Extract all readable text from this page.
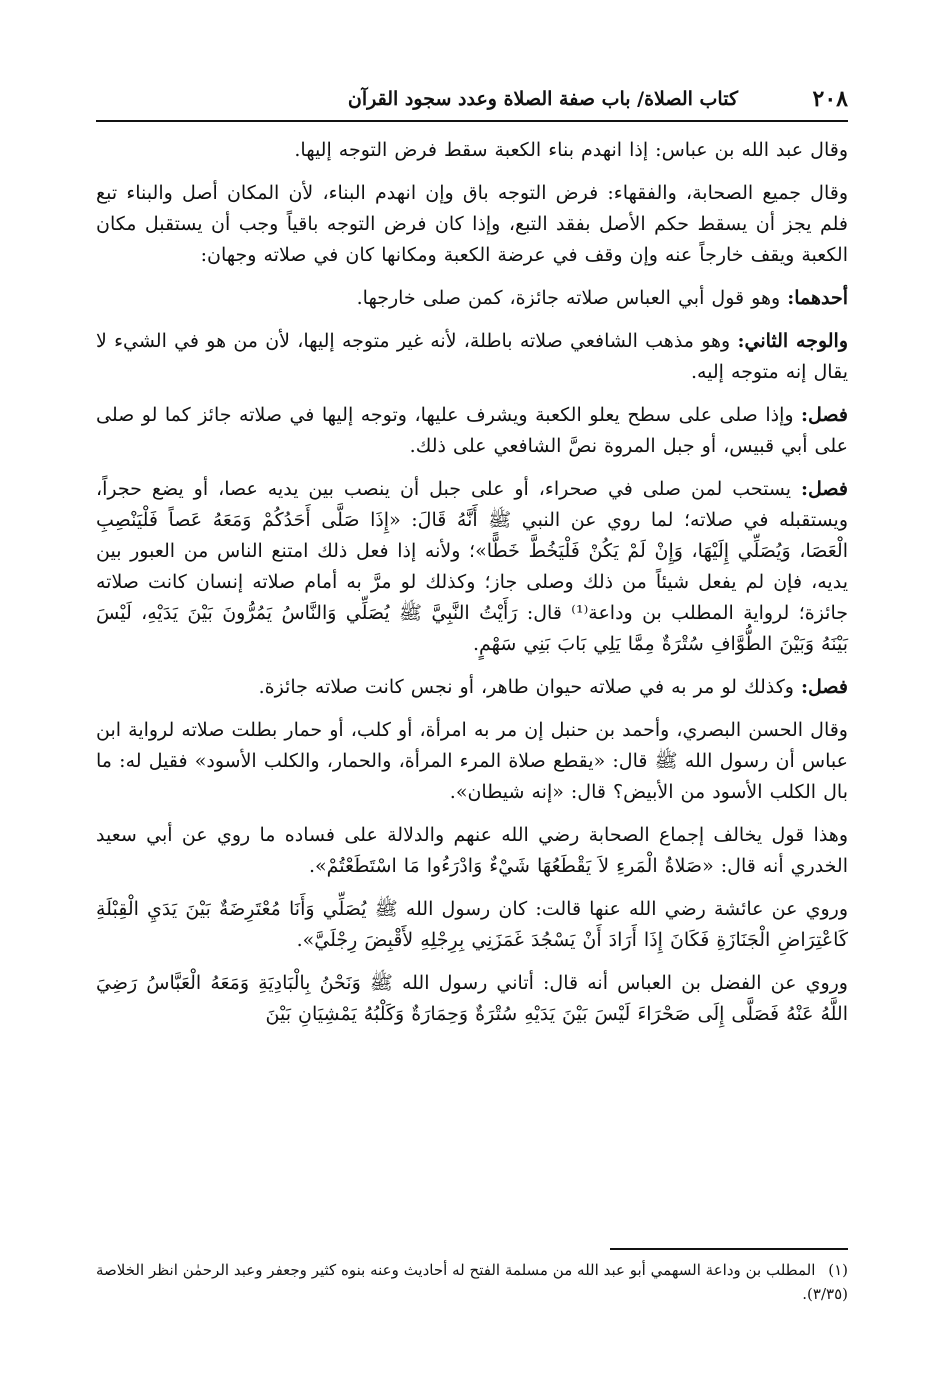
٢٠٨
كتاب الصلاة/ باب صفة الصلاة وعدد سجود القرآن

وقال عبد الله بن عباس: إذا انهدم بناء الكعبة سقط فرض التوجه إليها.

وقال جميع الصحابة، والفقهاء: فرض التوجه باق وإن انهدم البناء، لأن المكان أصل والبناء تبع فلم يجز أن يسقط حكم الأصل بفقد التبع، وإذا كان فرض التوجه باقياً وجب أن يستقبل مكان الكعبة ويقف خارجاً عنه وإن وقف في عرضة الكعبة ومكانها كان في صلاته وجهان:

أحدهما: وهو قول أبي العباس صلاته جائزة، كمن صلى خارجها.

والوجه الثاني: وهو مذهب الشافعي صلاته باطلة، لأنه غير متوجه إليها، لأن من هو في الشيء لا يقال إنه متوجه إليه.

فصل: وإذا صلى على سطح يعلو الكعبة ويشرف عليها، وتوجه إليها في صلاته جائز كما لو صلى على أبي قبيس، أو جبل المروة نصَّ الشافعي على ذلك.

فصل: يستحب لمن صلى في صحراء، أو على جبل أن ينصب بين يديه عصا، أو يضع حجراً، ويستقبله في صلاته؛ لما روي عن النبي ﷺ أَنَّهُ قَالَ: «إِذَا صَلَّى أَحَدُكُمْ وَمَعَهُ عَصاً فَلْيَنْصِبِ الْعَصَا، وَيُصَلِّي إِلَيْهَا، وَإِنْ لَمْ يَكُنْ فَلْيَخُطَّ خَطًّا»؛ ولأنه إذا فعل ذلك امتنع الناس من العبور بين يديه، فإن لم يفعل شيئاً من ذلك وصلى جاز؛ وكذلك لو مرَّ به أمام صلاته إنسان كانت صلاته جائزة؛ لرواية المطلب بن وداعة⁽¹⁾ قال: رَأَيْتُ النَّبِيَّ ﷺ يُصَلِّي وَالنَّاسُ يَمُرُّونَ بَيْنَ يَدَيْهِ، لَيْسَ بَيْنَهُ وَبَيْنَ الطُّوَّافِ سُتْرَةٌ مِمَّا يَلِي بَابَ بَنِي سَهْمٍ.

فصل: وكذلك لو مر به في صلاته حيوان طاهر، أو نجس كانت صلاته جائزة.

وقال الحسن البصري، وأحمد بن حنبل إن مر به امرأة، أو كلب، أو حمار بطلت صلاته لرواية ابن عباس أن رسول الله ﷺ قال: «يقطع صلاة المرء المرأة، والحمار، والكلب الأسود» فقيل له: ما بال الكلب الأسود من الأبيض؟ قال: «إنه شيطان».

وهذا قول يخالف إجماع الصحابة رضي الله عنهم والدلالة على فساده ما روي عن أبي سعيد الخدري أنه قال: «صَلاةُ الْمَرءِ لاَ يَقْطَعُهَا شَيْءٌ وَادْرَءُوا مَا اسْتَطَعْتُمْ».

وروي عن عائشة رضي الله عنها قالت: كان رسول الله ﷺ يُصَلِّي وَأَنَا مُعْتَرِضَةٌ بَيْنَ يَدَيِ الْقِبْلَةِ كَاعْتِرَاضِ الْجَنَازَةِ فَكَانَ إِذَا أَرَادَ أَنْ يَسْجُدَ غَمَزَنِي بِرِجْلِهِ لأَقْبِضَ رِجْلَيَّ».

وروي عن الفضل بن العباس أنه قال: أتاني رسول الله ﷺ وَنَحْنُ بِالْبَادِيَةِ وَمَعَهُ الْعَبَّاسُ رَضِيَ اللَّهُ عَنْهُ فَصَلَّى إِلَى صَحْرَاءَ لَيْسَ بَيْنَ يَدَيْهِ سُتْرَةٌ وَحِمَارَةٌ وَكَلْبُهُ يَمْشِيَانِ بَيْنَ

(١) المطلب بن وداعة السهمي أبو عبد الله من مسلمة الفتح له أحاديث وعنه بنوه كثير وجعفر وعبد الرحمٰن انظر الخلاصة (٣/٣٥).
